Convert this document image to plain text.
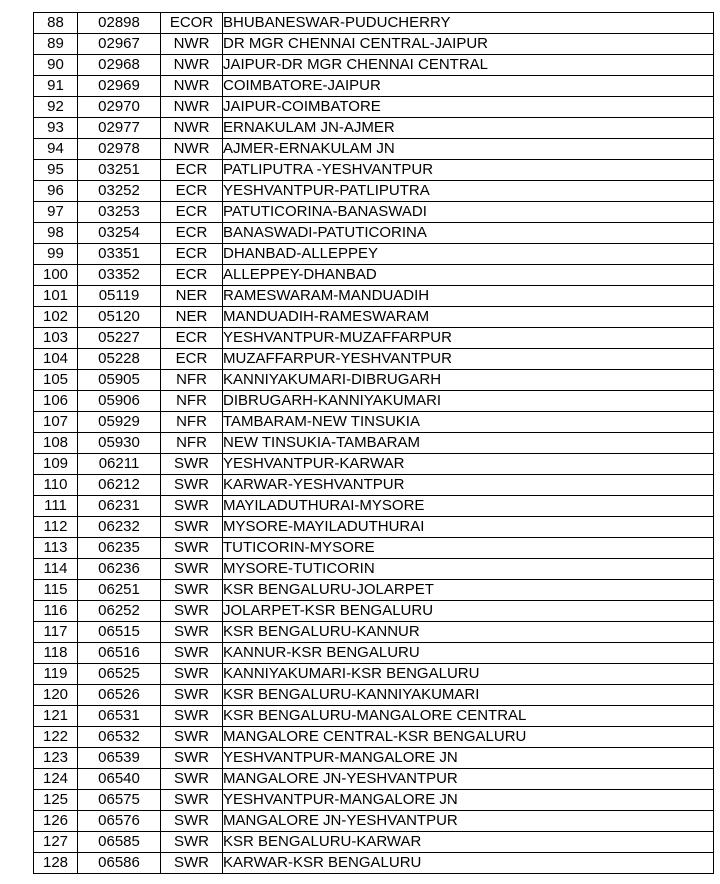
88	02898	ECOR	BHUBANESWAR-PUDUCHERRY
89	02967	NWR	DR MGR CHENNAI CENTRAL-JAIPUR
90	02968	NWR	JAIPUR-DR MGR CHENNAI CENTRAL
91	02969	NWR	COIMBATORE-JAIPUR
92	02970	NWR	JAIPUR-COIMBATORE
93	02977	NWR	ERNAKULAM JN-AJMER
94	02978	NWR	AJMER-ERNAKULAM JN
95	03251	ECR	PATLIPUTRA -YESHVANTPUR
96	03252	ECR	YESHVANTPUR-PATLIPUTRA
97	03253	ECR	PATUTICORINA-BANASWADI
98	03254	ECR	BANASWADI-PATUTICORINA
99	03351	ECR	DHANBAD-ALLEPPEY
100	03352	ECR	ALLEPPEY-DHANBAD
101	05119	NER	RAMESWARAM-MANDUADIH
102	05120	NER	MANDUADIH-RAMESWARAM
103	05227	ECR	YESHVANTPUR-MUZAFFARPUR
104	05228	ECR	MUZAFFARPUR-YESHVANTPUR
105	05905	NFR	KANNIYAKUMARI-DIBRUGARH
106	05906	NFR	DIBRUGARH-KANNIYAKUMARI
107	05929	NFR	TAMBARAM-NEW TINSUKIA
108	05930	NFR	NEW TINSUKIA-TAMBARAM
109	06211	SWR	YESHVANTPUR-KARWAR
110	06212	SWR	KARWAR-YESHVANTPUR
111	06231	SWR	MAYILADUTHURAI-MYSORE
112	06232	SWR	MYSORE-MAYILADUTHURAI
113	06235	SWR	TUTICORIN-MYSORE
114	06236	SWR	MYSORE-TUTICORIN
115	06251	SWR	KSR BENGALURU-JOLARPET
116	06252	SWR	JOLARPET-KSR BENGALURU
117	06515	SWR	KSR BENGALURU-KANNUR
118	06516	SWR	KANNUR-KSR BENGALURU
119	06525	SWR	KANNIYAKUMARI-KSR BENGALURU
120	06526	SWR	KSR BENGALURU-KANNIYAKUMARI
121	06531	SWR	KSR BENGALURU-MANGALORE CENTRAL
122	06532	SWR	MANGALORE CENTRAL-KSR BENGALURU
123	06539	SWR	YESHVANTPUR-MANGALORE JN
124	06540	SWR	MANGALORE JN-YESHVANTPUR
125	06575	SWR	YESHVANTPUR-MANGALORE JN
126	06576	SWR	MANGALORE JN-YESHVANTPUR
127	06585	SWR	KSR BENGALURU-KARWAR
128	06586	SWR	KARWAR-KSR BENGALURU
